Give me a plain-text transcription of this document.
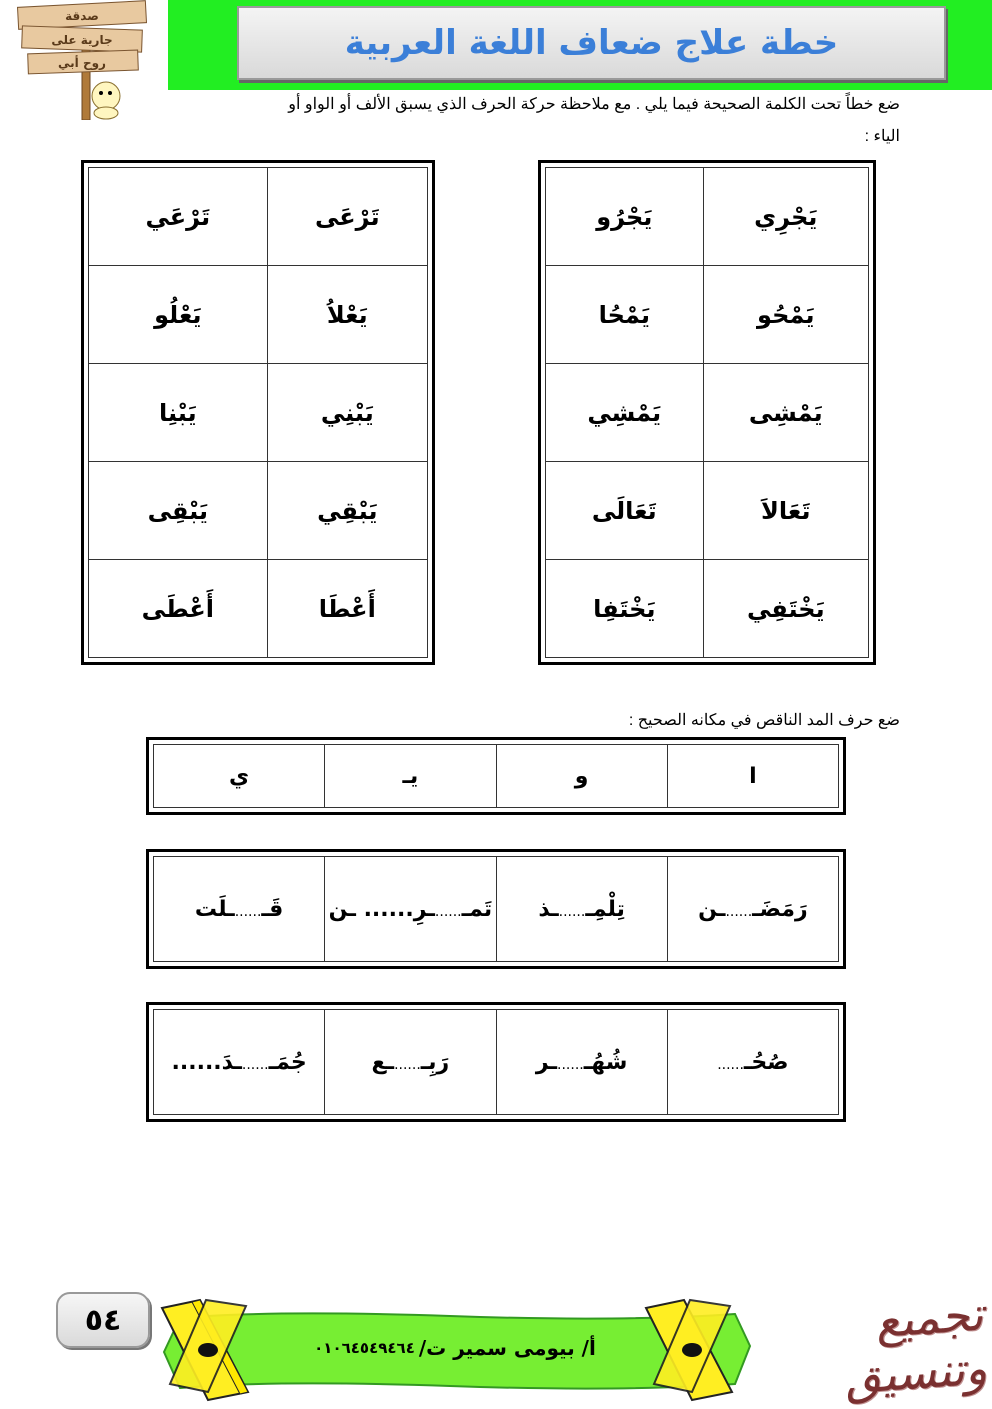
خطة علاج ضعاف اللغة العربية
صدقة
جارية على
روح أبي
ضع خطاً تحت الكلمة الصحيحة فيما يلي . مع ملاحظة حركة الحرف الذي يسبق الألف أو الواو أو
الياء :
يَجْرِي	يَجْرُو
يَمْحُو	يَمْحُا
يَمْشِى	يَمْشِي
تَعَالاَ	تَعَالَى
يَخْتَفِي	يَخْتَفِا
تَرْعَى	تَرْعَي
يَعْلاُ	يَعْلُو
يَبْنِي	يَبْنِا
يَبْقِي	يَبْقِى
أَعْطَا	أَعْطَى
ضع حرف المد الناقص في مكانه الصحيح :
ا	و	يـ	ي
رَمَضَـ......ـن	تِلْمِـ......ـذ	تَمـ......ـرِ...... ـن	قَـ......ـلَت
صُحُـ......	شُهُـ......ـر	رَبِـ......ـع	جُمَـ......ـدَ......
٥٤
أ/ بيومى سمير ت/
٠١٠٦٤٥٤٩٤٦٤
تجميع وتنسيق
